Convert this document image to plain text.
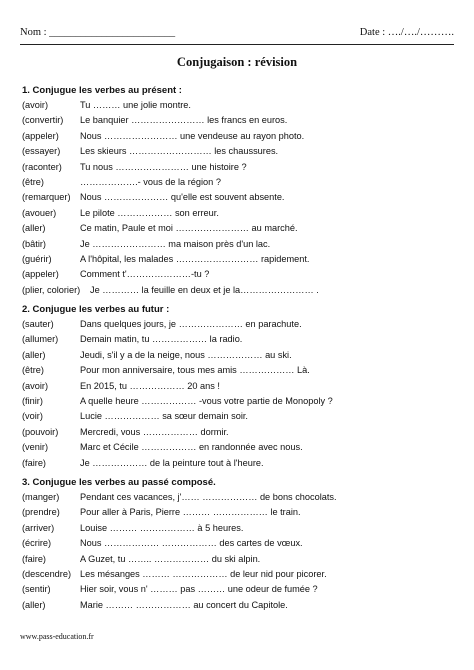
Nom : ________________________	Date : …./…./……….
Conjugaison : révision
1. Conjugue les verbes au présent :
(avoir)	Tu ……… une jolie montre.
(convertir) Le banquier …………………… les francs en euros.
(appeler) Nous …………………… une vendeuse au rayon photo.
(essayer) Les skieurs ……………………… les chaussures.
(raconter) Tu nous …………………… une histoire ?
(être)	……………….- vous de la région ?
(remarquer) Nous ………………… qu'elle est souvent absente.
(avouer)	Le pilote ……………… son erreur.
(aller)	Ce matin, Paule et moi …………………… au marché.
(bâtir)	Je …………………… ma maison près d'un lac.
(guérir)	A l'hôpital, les malades ……………………… rapidement.
(appeler) Comment t'…………………-tu ?
(plier, colorier) Je ………… la feuille en deux et je la…………………… .
2. Conjugue les verbes au futur :
(sauter)	Dans quelques jours, je ………………… en parachute.
(allumer) Demain matin, tu ……………… la radio.
(aller)	Jeudi, s'il y a de la neige, nous ……………… au ski.
(être)	Pour mon anniversaire, tous mes amis ……………… Là.
(avoir)	En 2015, tu ……………… 20 ans !
(finir)	A quelle heure ……………… -vous votre partie de Monopoly ?
(voir)	Lucie ……………… sa sœur demain soir.
(pouvoir) Mercredi, vous ……………… dormir.
(venir)	Marc et Cécile ……………… en randonnée avec nous.
(faire)	Je ……………… de la peinture tout à l'heure.
3. Conjugue les verbes au passé composé.
(manger) Pendant ces vacances, j'…… ……………… de bons chocolats.
(prendre) Pour aller à Paris, Pierre ……… ……………… le train.
(arriver)	Louise ……… ……………… à 5 heures.
(écrire)	Nous ……………… ……………… des cartes de vœux.
(faire)	A Guzet, tu …….. ……………… du ski alpin.
(descendre) Les mésanges ……… ……………… de leur nid pour picorer.
(sentir)	Hier soir, vous n' ……… pas ……… une odeur de fumée ?
(aller)	Marie ……… ……………… au concert du Capitole.
www.pass-education.fr
